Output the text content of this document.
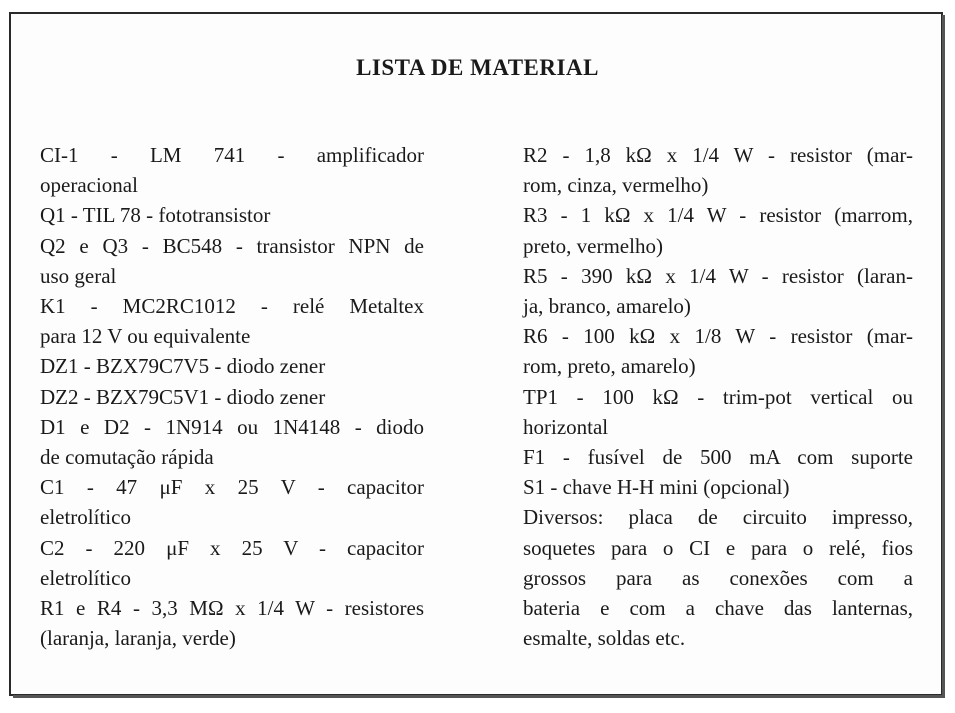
LISTA DE MATERIAL
CI-1 - LM 741 - amplificador
operacional
Q1 - TIL 78 - fototransistor
Q2 e Q3 - BC548 - transistor NPN de
uso geral
K1 - MC2RC1012 - relé Metaltex
para 12 V ou equivalente
DZ1 - BZX79C7V5 - diodo zener
DZ2 - BZX79C5V1 - diodo zener
D1 e D2 - 1N914 ou 1N4148 - diodo
de comutação rápida
C1 - 47 μF x 25 V - capacitor
eletrolítico
C2 - 220 μF x 25 V - capacitor
eletrolítico
R1 e R4 - 3,3 MΩ x 1/4 W - resistores
(laranja, laranja, verde)
R2 - 1,8 kΩ x 1/4 W - resistor (mar-
rom, cinza, vermelho)
R3 - 1 kΩ x 1/4 W - resistor (marrom,
preto, vermelho)
R5 - 390 kΩ x 1/4 W - resistor (laran-
ja, branco, amarelo)
R6 - 100 kΩ x 1/8 W - resistor (mar-
rom, preto, amarelo)
TP1 - 100 kΩ - trim-pot vertical ou
horizontal
F1 - fusível de 500 mA com suporte
S1 - chave H-H mini (opcional)
Diversos: placa de circuito impresso,
soquetes para o CI e para o relé, fios
grossos para as conexões com a
bateria e com a chave das lanternas,
esmalte, soldas etc.
